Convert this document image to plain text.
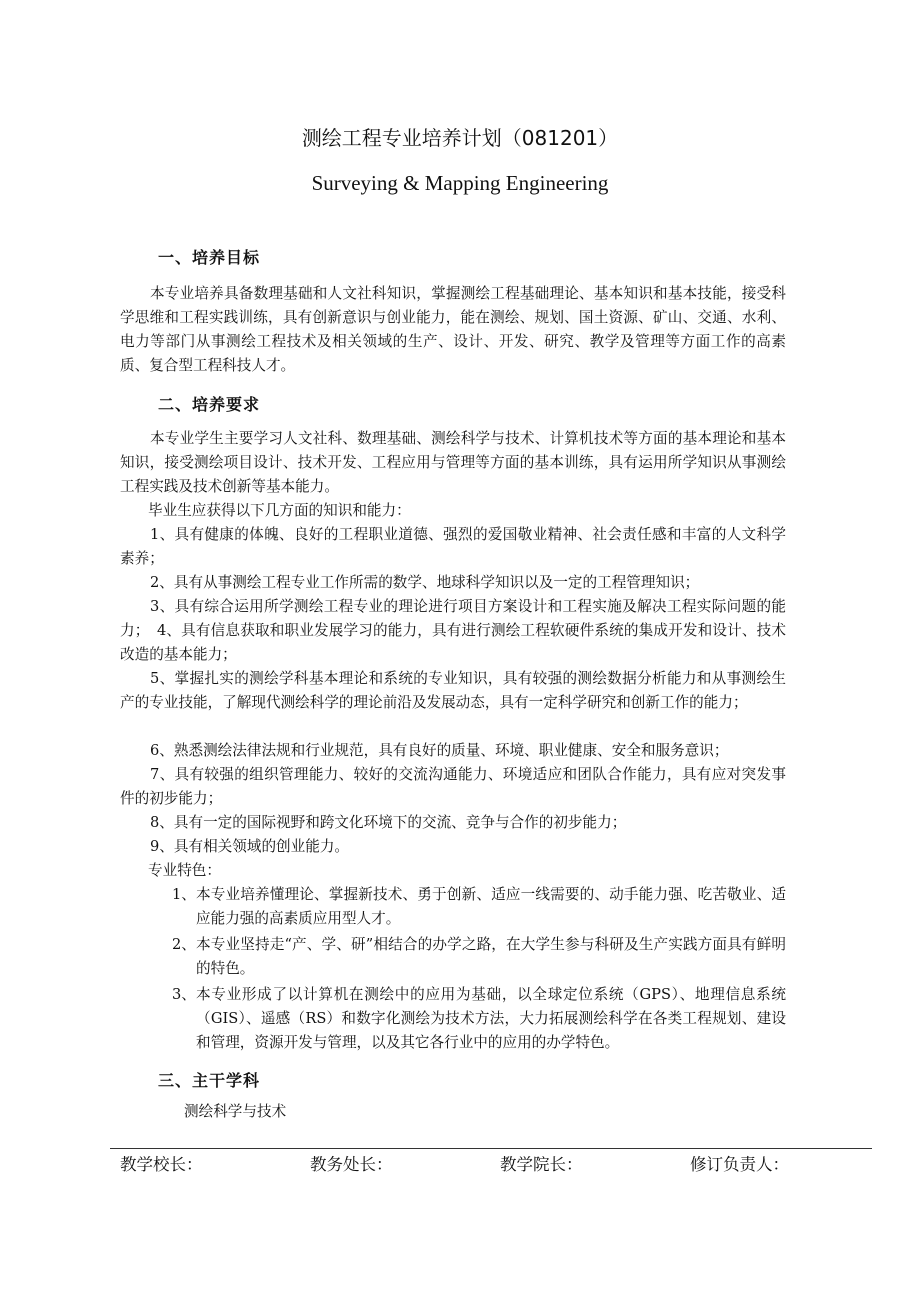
测绘工程专业培养计划（081201）
Surveying & Mapping Engineering
一、培养目标

本专业培养具备数理基础和人文社科知识，掌握测绘工程基础理论、基本知识和基本技能，接受科学思维和工程实践训练，具有创新意识与创业能力，能在测绘、规划、国土资源、矿山、交通、水利、电力等部门从事测绘工程技术及相关领域的生产、设计、开发、研究、教学及管理等方面工作的高素质、复合型工程科技人才。

二、培养要求

本专业学生主要学习人文社科、数理基础、测绘科学与技术、计算机技术等方面的基本理论和基本知识，接受测绘项目设计、技术开发、工程应用与管理等方面的基本训练，具有运用所学知识从事测绘工程实践及技术创新等基本能力。

毕业生应获得以下几方面的知识和能力：

1、具有健康的体魄、良好的工程职业道德、强烈的爱国敬业精神、社会责任感和丰富的人文科学素养；

2、具有从事测绘工程专业工作所需的数学、地球科学知识以及一定的工程管理知识；

3、具有综合运用所学测绘工程专业的理论进行项目方案设计和工程实施及解决工程实际问题的能力；　4、具有信息获取和职业发展学习的能力，具有进行测绘工程软硬件系统的集成开发和设计、技术改造的基本能力；

5、掌握扎实的测绘学科基本理论和系统的专业知识，具有较强的测绘数据分析能力和从事测绘生产的专业技能，了解现代测绘科学的理论前沿及发展动态，具有一定科学研究和创新工作的能力；

6、熟悉测绘法律法规和行业规范，具有良好的质量、环境、职业健康、安全和服务意识；

7、具有较强的组织管理能力、较好的交流沟通能力、环境适应和团队合作能力，具有应对突发事件的初步能力；

8、具有一定的国际视野和跨文化环境下的交流、竞争与合作的初步能力；

9、具有相关领域的创业能力。

专业特色：

1、 本专业培养懂理论、掌握新技术、勇于创新、适应一线需要的、动手能力强、吃苦敬业、适应能力强的高素质应用型人才。
2、 本专业坚持走“产、学、研”相结合的办学之路，在大学生参与科研及生产实践方面具有鲜明的特色。
3、 本专业形成了以计算机在测绘中的应用为基础，以全球定位系统（GPS）、地理信息系统（GIS）、遥感（RS）和数字化测绘为技术方法，大力拓展测绘科学在各类工程规划、建设和管理，资源开发与管理，以及其它各行业中的应用的办学特色。
三、主干学科

测绘科学与技术

教学校长：	教务处长：	教学院长：	修订负责人：
